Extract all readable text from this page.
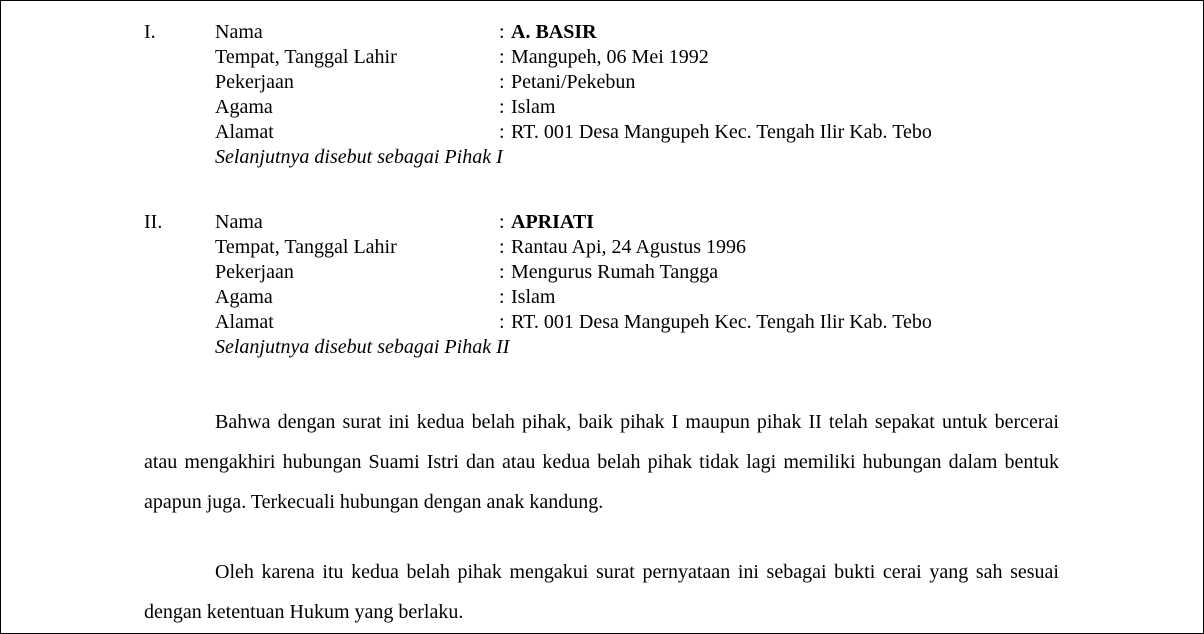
I.	Nama	: A. BASIR
Tempat, Tanggal Lahir	: Mangupeh, 06 Mei 1992
Pekerjaan	: Petani/Pekebun
Agama	: Islam
Alamat	: RT. 001 Desa Mangupeh Kec. Tengah Ilir Kab. Tebo
Selanjutnya disebut sebagai Pihak I
II.	Nama	: APRIATI
Tempat, Tanggal Lahir	: Rantau Api, 24 Agustus 1996
Pekerjaan	: Mengurus Rumah Tangga
Agama	: Islam
Alamat	: RT. 001 Desa Mangupeh Kec. Tengah Ilir Kab. Tebo
Selanjutnya disebut sebagai Pihak II

Bahwa dengan surat ini kedua belah pihak, baik pihak I maupun pihak II telah sepakat untuk bercerai atau mengakhiri hubungan Suami Istri dan atau kedua belah pihak tidak lagi memiliki hubungan dalam bentuk apapun juga. Terkecuali hubungan dengan anak kandung.

Oleh karena itu kedua belah pihak mengakui surat pernyataan ini sebagai bukti cerai yang sah sesuai dengan ketentuan Hukum yang berlaku.
